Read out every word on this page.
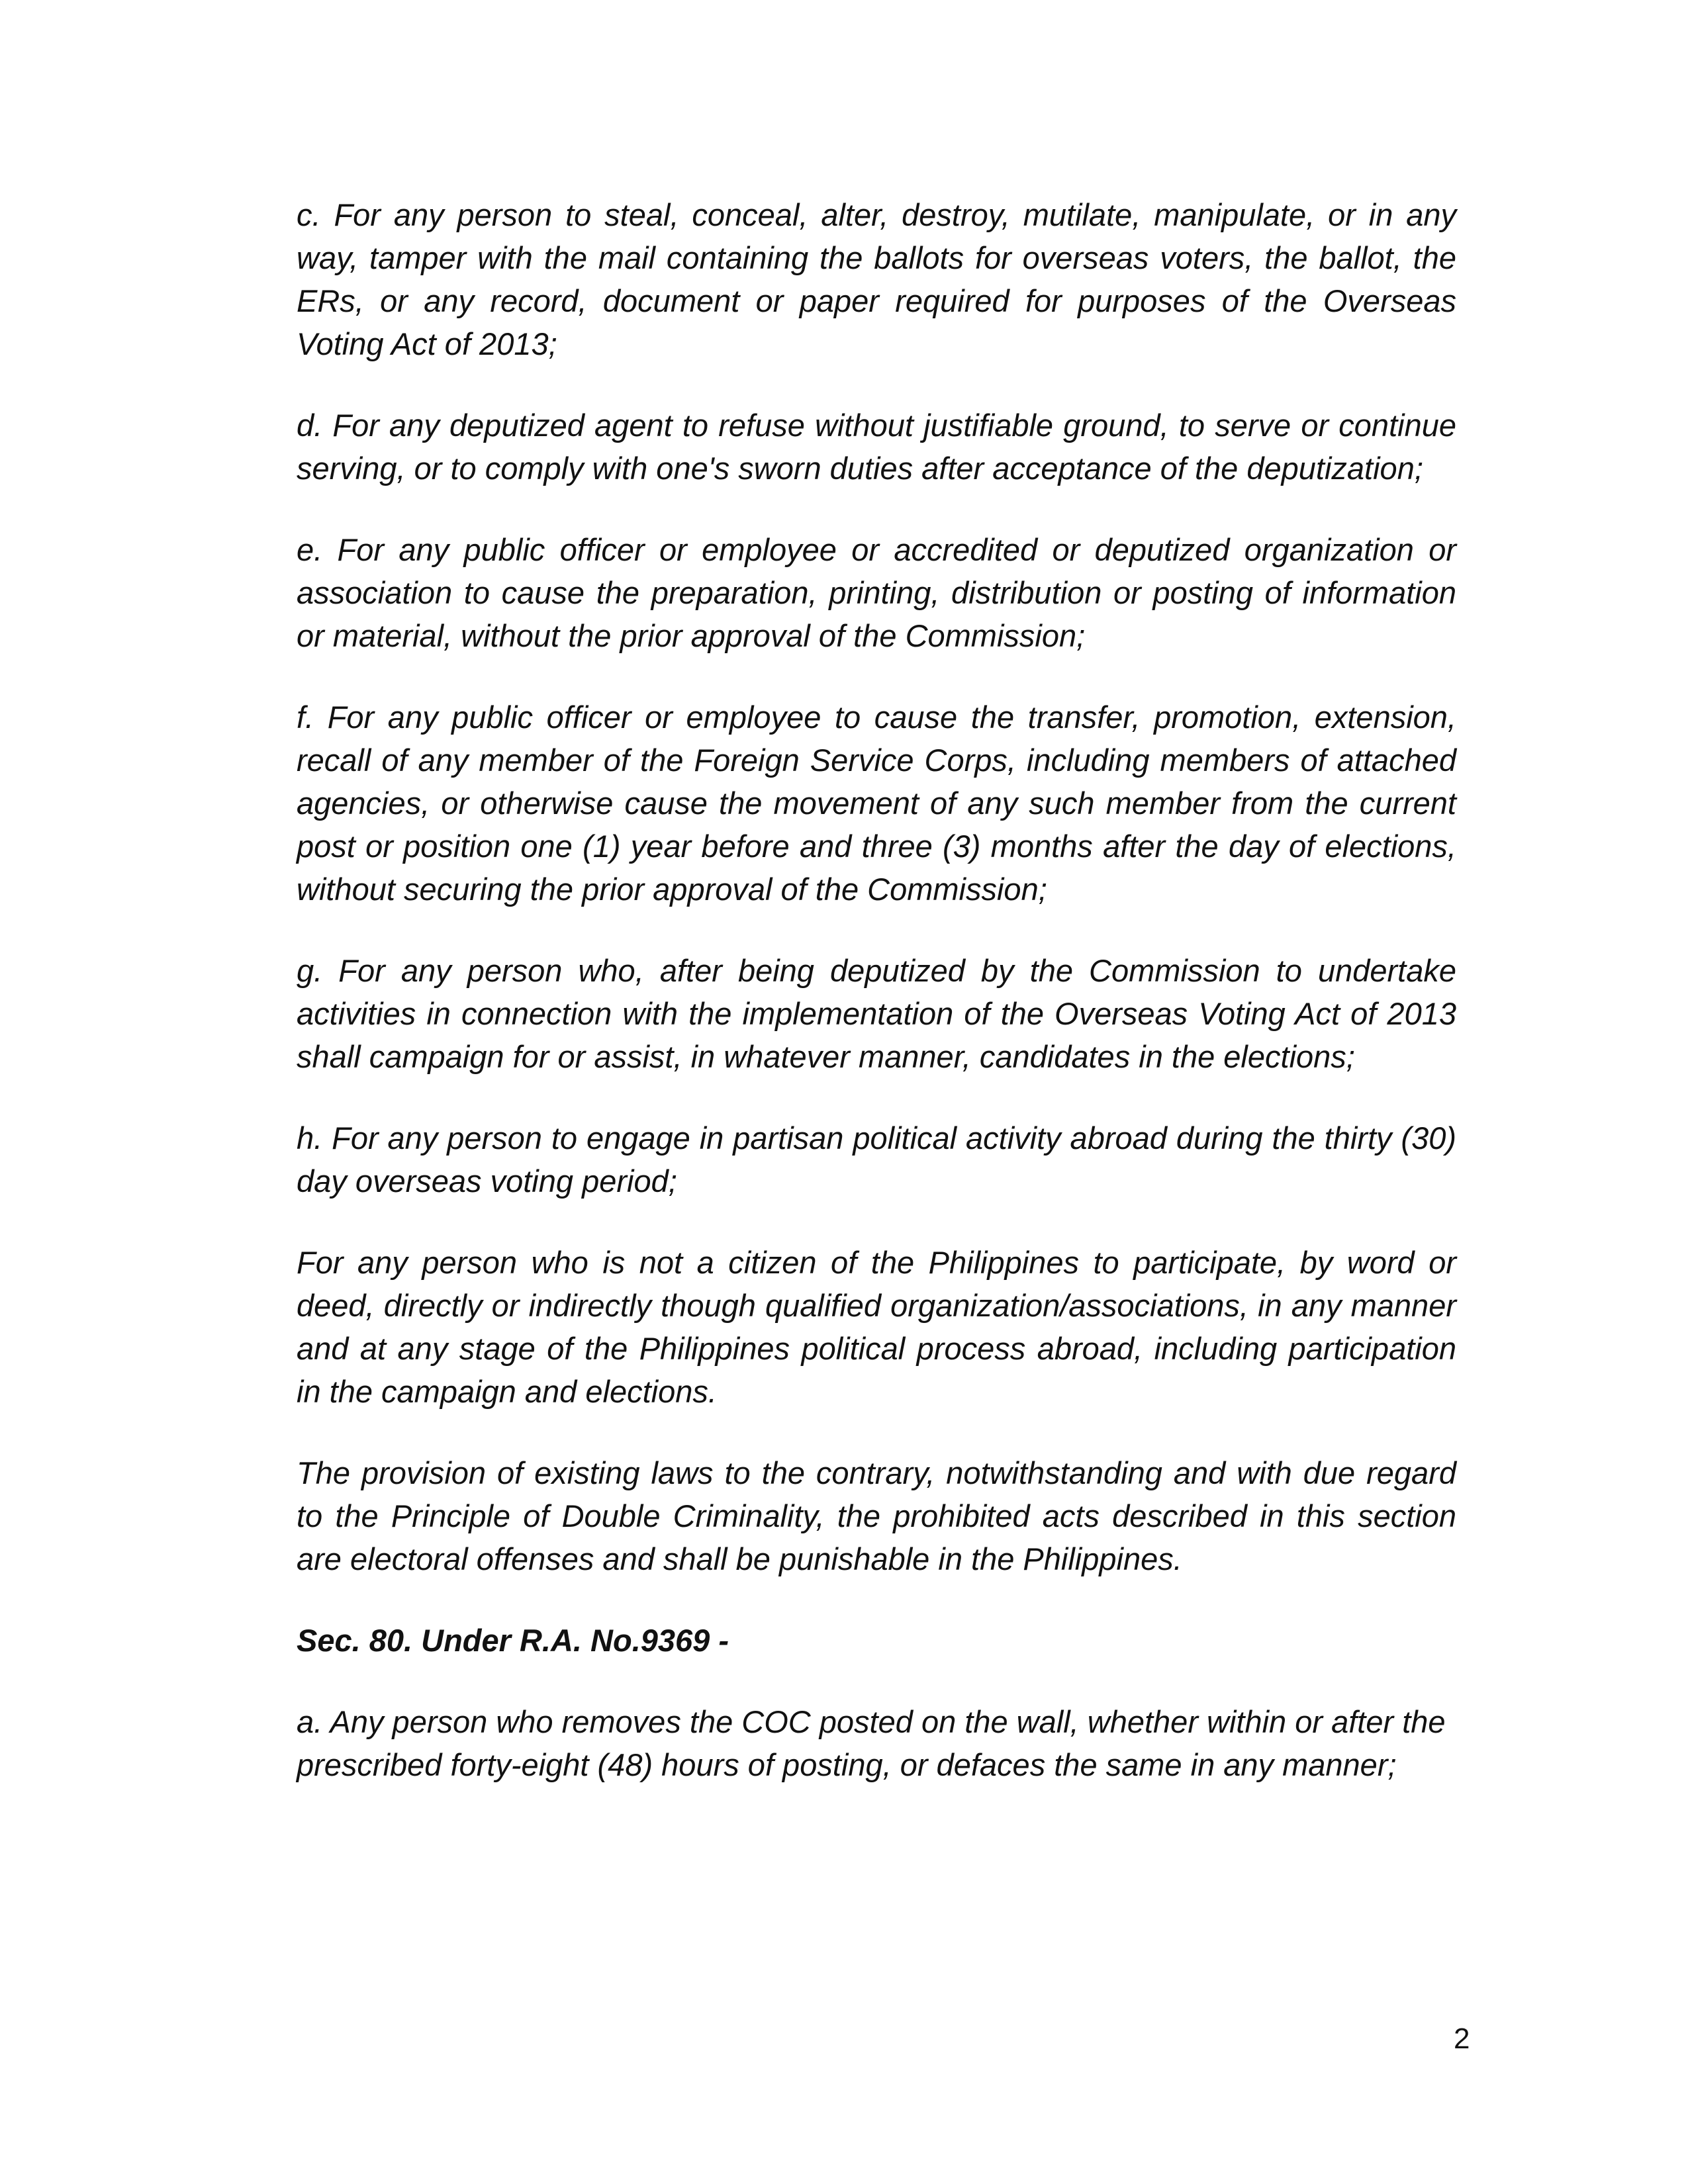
c. For any person to steal, conceal, alter, destroy, mutilate, manipulate, or in any way, tamper with the mail containing the ballots for overseas voters, the ballot, the ERs, or any record, document or paper required for purposes of the Overseas Voting Act of 2013;

d. For any deputized agent to refuse without justifiable ground, to serve or continue serving, or to comply with one's sworn duties after acceptance of the deputization;

e. For any public officer or employee or accredited or deputized organization or association to cause the preparation, printing, distribution or posting of information or material, without the prior approval of the Commission;

f. For any public officer or employee to cause the transfer, promotion, extension, recall of any member of the Foreign Service Corps, including members of attached agencies, or otherwise cause the movement of any such member from the current post or position one (1) year before and three (3) months after the day of elections, without securing the prior approval of the Commission;

g. For any person who, after being deputized by the Commission to undertake activities in connection with the implementation of the Overseas Voting Act of 2013 shall campaign for or assist, in whatever manner, candidates in the elections;

h. For any person to engage in partisan political activity abroad during the thirty (30) day overseas voting period;

For any person who is not a citizen of the Philippines to participate, by word or deed, directly or indirectly though qualified organization/associations, in any manner and at any stage of the Philippines political process abroad, including participation in the campaign and elections.

The provision of existing laws to the contrary, notwithstanding and with due regard to the Principle of Double Criminality, the prohibited acts described in this section are electoral offenses and shall be punishable in the Philippines.

Sec. 80. Under R.A. No.9369 -

a. Any person who removes the COC posted on the wall, whether within or after the prescribed forty-eight (48) hours of posting, or defaces the same in any manner;

2
